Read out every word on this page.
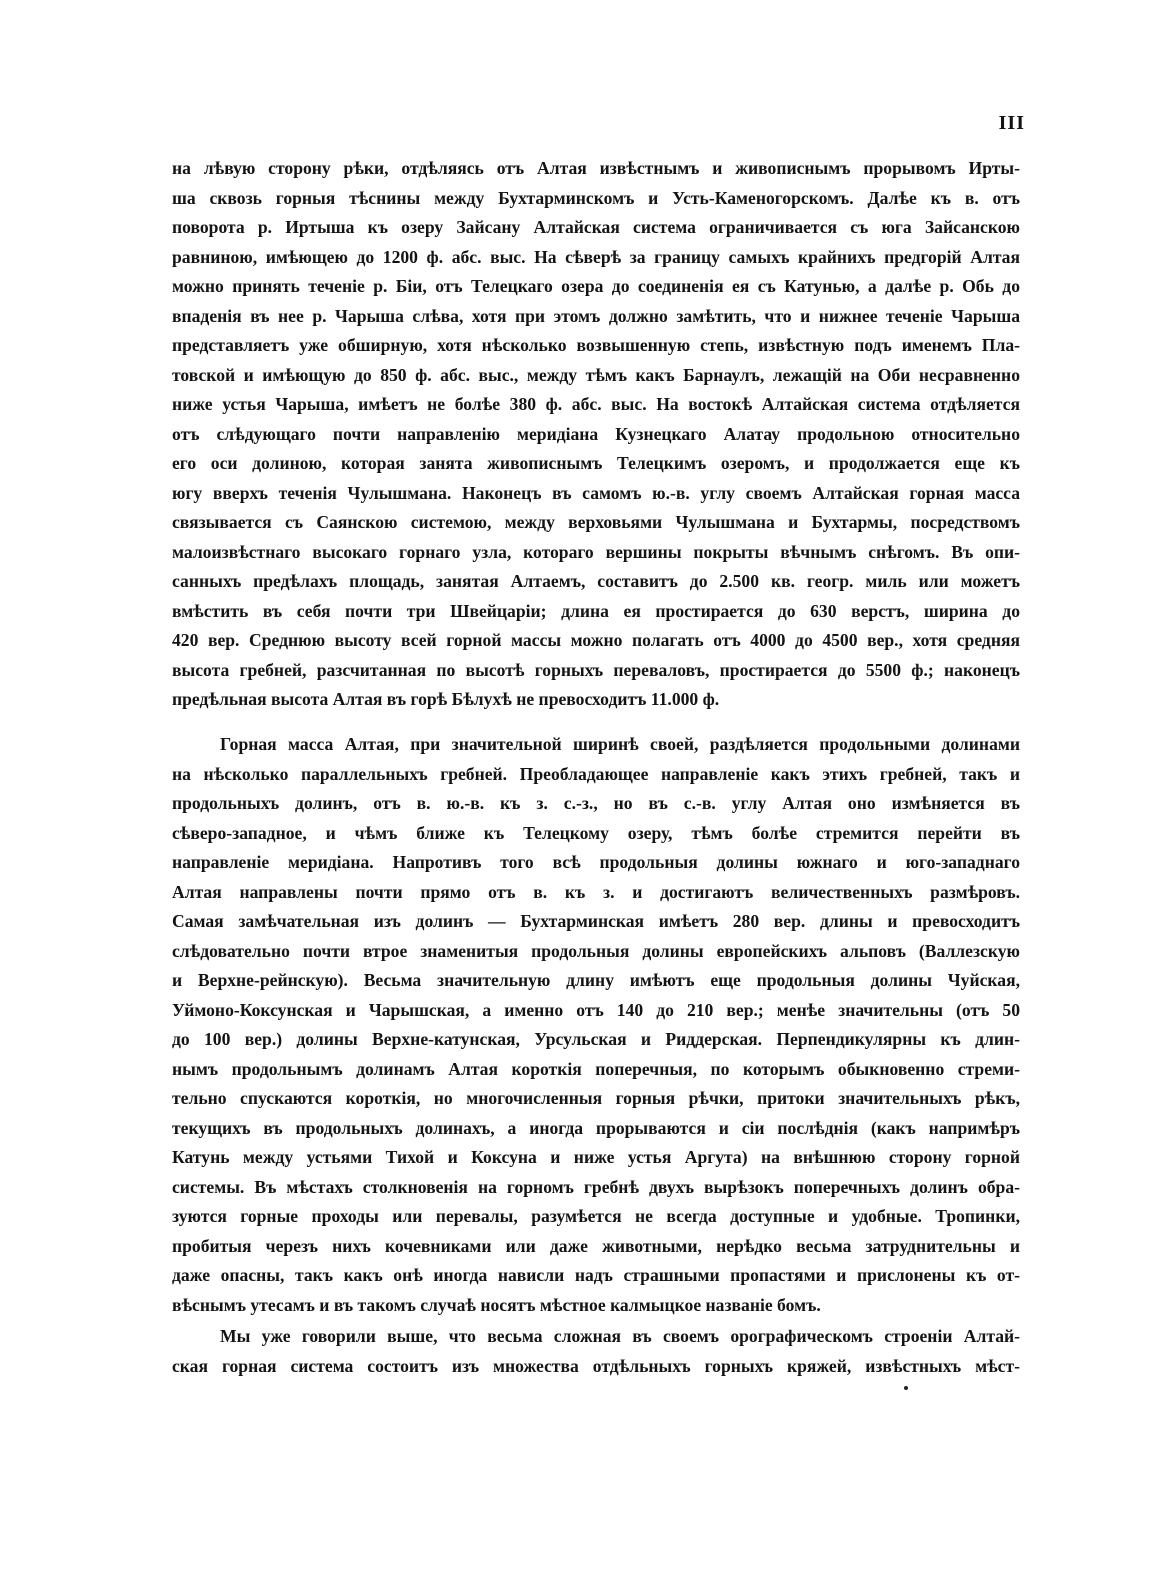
III
на лѣвую сторону рѣки, отдѣляясь отъ Алтая извѣстнымъ и живописнымъ прорывомъ Ирты-
ша сквозь горныя тѣснины между Бухтарминскомъ и Усть-Каменогорскомъ. Далѣе къ в. отъ
поворота р. Иртыша къ озеру Зайсану Алтайская система ограничивается съ юга Зайсанскою
равниною, имѣющею до 1200 ф. абс. выс. На сѣверѣ за границу самыхъ крайнихъ предгорій Алтая
можно принять теченіе р. Біи, отъ Телецкаго озера до соединенія ея съ Катунью, а далѣе р. Обь до
впаденія въ нее р. Чарыша слѣва, хотя при этомъ должно замѣтить, что и нижнее теченіе Чарыша
представляетъ уже обширную, хотя нѣсколько возвышенную степь, извѣстную подъ именемъ Пла-
товской и имѣющую до 850 ф. абс. выс., между тѣмъ какъ Барнаулъ, лежащій на Оби несравненно
ниже устья Чарыша, имѣетъ не болѣе 380 ф. абс. выс. На востокѣ Алтайская система отдѣляется
отъ слѣдующаго почти направленію меридіана Кузнецкаго Алатау продольною относительно
его оси долиною, которая занята живописнымъ Телецкимъ озеромъ, и продолжается еще къ
югу вверхъ теченія Чулышмана. Наконецъ въ самомъ ю.-в. углу своемъ Алтайская горная масса
связывается съ Саянскою системою, между верховьями Чулышмана и Бухтармы, посредствомъ
малоизвѣстнаго высокаго горнаго узла, котораго вершины покрыты вѣчнымъ снѣгомъ. Въ опи-
санныхъ предѣлахъ площадь, занятая Алтаемъ, составитъ до 2.500 кв. геогр. миль или можетъ
вмѣстить въ себя почти три Швейцаріи; длина ея простирается до 630 верстъ, ширина до
420 вер. Среднюю высоту всей горной массы можно полагать отъ 4000 до 4500 вер., хотя средняя
высота гребней, разсчитанная по высотѣ горныхъ переваловъ, простирается до 5500 ф.; наконецъ
предѣльная высота Алтая въ горѣ Бѣлухѣ не превосходитъ 11.000 ф.
Горная масса Алтая, при значительной ширинѣ своей, раздѣляется продольными долинами
на нѣсколько параллельныхъ гребней. Преобладающее направленіе какъ этихъ гребней, такъ и
продольныхъ долинъ, отъ в. ю.-в. къ з. с.-з., но въ с.-в. углу Алтая оно измѣняется въ
сѣверо-западное, и чѣмъ ближе къ Телецкому озеру, тѣмъ болѣе стремится перейти въ
направленіе меридіана. Напротивъ того всѣ продольныя долины южнаго и юго-западнаго
Алтая направлены почти прямо отъ в. къ з. и достигаютъ величественныхъ размѣровъ.
Самая замѣчательная изъ долинъ — Бухтарминская имѣетъ 280 вер. длины и превосходитъ
слѣдовательно почти втрое знаменитыя продольныя долины европейскихъ альповъ (Валлезскую
и Верхне-рейнскую). Весьма значительную длину имѣютъ еще продольныя долины Чуйская,
Уймоно-Коксунская и Чарышская, а именно отъ 140 до 210 вер.; менѣе значительны (отъ 50
до 100 вер.) долины Верхне-катунская, Урсульская и Риддерская. Перпендикулярны къ длин-
нымъ продольнымъ долинамъ Алтая короткія поперечныя, по которымъ обыкновенно стреми-
тельно спускаются короткія, но многочисленныя горныя рѣчки, притоки значительныхъ рѣкъ,
текущихъ въ продольныхъ долинахъ, а иногда прорываются и сіи послѣднія (какъ напримѣръ
Катунь между устьями Тихой и Коксуна и ниже устья Аргута) на внѣшнюю сторону горной
системы. Въ мѣстахъ столкновенія на горномъ гребнѣ двухъ вырѣзокъ поперечныхъ долинъ обра-
зуются горные проходы или перевалы, разумѣется не всегда доступные и удобные. Тропинки,
пробитыя черезъ нихъ кочевниками или даже животными, нерѣдко весьма затруднительны и
даже опасны, такъ какъ онѣ иногда нависли надъ страшными пропастями и прислонены къ от-
вѣснымъ утесамъ и въ такомъ случаѣ носятъ мѣстное калмыцкое названіе бомъ.
Мы уже говорили выше, что весьма сложная въ своемъ орографическомъ строеніи Алтай-
ская горная система состоитъ изъ множества отдѣльныхъ горныхъ кряжей, извѣстныхъ мѣст-
